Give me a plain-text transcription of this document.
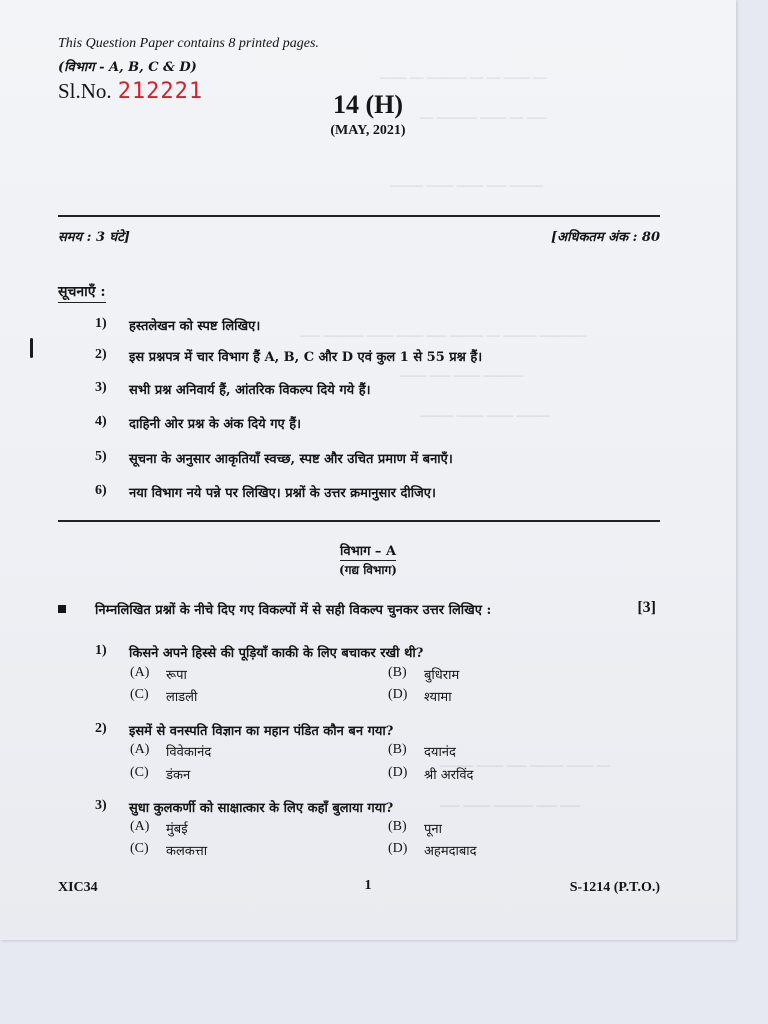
──── ── ────── ── ── ──── ──
── ────── ──── ── ───
───── ──── ──── ─── ─────
─── ────── ──── ──── ─── ───── ── ───── ───────
──── ─── ──── ──────
───── ──── ──── ─────
───── ──── ─── ───── ──── ──
─── ──── ────── ─── ───
This Question Paper contains 8 printed pages.
(विभाग - A, B, C & D)
Sl.No. 212221	14 (H)
(MAY, 2021)
समय : 3 घंटे]	[अधिकतम अंक : 80
सूचनाएँ :
1)	हस्तलेखन को स्पष्ट लिखिए।
2)	इस प्रश्नपत्र में चार विभाग हैं A, B, C और D एवं कुल 1 से 55 प्रश्न हैं।
3)	सभी प्रश्न अनिवार्य हैं, आंतरिक विकल्प दिये गये हैं।
4)	दाहिनी ओर प्रश्न के अंक दिये गए हैं।
5)	सूचना के अनुसार आकृतियाँ स्वच्छ, स्पष्ट और उचित प्रमाण में बनाएँ।
6)	नया विभाग नये पन्ने पर लिखिए। प्रश्नों के उत्तर क्रमानुसार दीजिए।
विभाग – A
(गद्य विभाग)
निम्नलिखित प्रश्नों के नीचे दिए गए विकल्पों में से सही विकल्प चुनकर उत्तर लिखिए :	[3]
1)	किसने अपने हिस्से की पूड़ियाँ काकी के लिए बचाकर रखी थी?
(A)	रूपा	(B)	बुधिराम
(C)	लाडली	(D)	श्यामा
2)	इसमें से वनस्पति विज्ञान का महान पंडित कौन बन गया?
(A)	विवेकानंद	(B)	दयानंद
(C)	डंकन	(D)	श्री अरविंद
3)	सुधा कुलकर्णी को साक्षात्कार के लिए कहाँ बुलाया गया?
(A)	मुंबई	(B)	पूना
(C)	कलकत्ता	(D)	अहमदाबाद
XIC34	1	S-1214 (P.T.O.)
